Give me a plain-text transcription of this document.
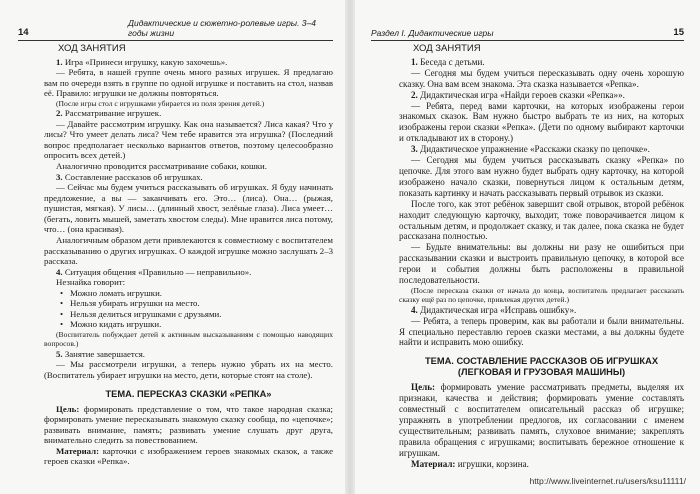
14
Дидактические и сюжетно-ролевые игры. 3–4 годы жизни

ХОД ЗАНЯТИЯ

1. Игра «Принеси игрушку, какую захочешь».

— Ребята, в нашей группе очень много разных игрушек. Я предлагаю вам по очереди взять в группе по одной игрушке и поставить на стол, назвав её. Правило: игрушки не должны повторяться.

(После игры стол с игрушками убирается из поля зрения детей.)

2. Рассматривание игрушек.

— Давайте рассмотрим игрушку. Как она называется? Лиса какая? Что у лисы? Что умеет делать лиса? Чем тебе нравится эта игрушка? (Последний вопрос предполагает несколько вариантов ответов, поэтому целесообразно опросить всех детей.)

Аналогично проводится рассматривание собаки, кошки.

3. Составление рассказов об игрушках.

— Сейчас мы будем учиться рассказывать об игрушках. Я буду начинать предложение, а вы — заканчивать его. Это… (лиса). Она… (рыжая, пушистая, мягкая). У лисы… (длинный хвост, зелёные глаза). Лиса умеет… (бегать, ловить мышей, заметать хвостом следы). Мне нравится лиса потому, что… (она красивая).

Аналогичным образом дети привлекаются к совместному с воспитателем рассказыванию о других игрушках. О каждой игрушке можно заслушать 2–3 рассказа.

4. Ситуация общения «Правильно — неправильно».

Незнайка говорит:

• Можно ломать игрушки.
• Нельзя убирать игрушки на место.
• Нельзя делиться игрушками с друзьями.
• Можно кидать игрушки.

(Воспитатель побуждает детей к активным высказываниям с помощью наводящих вопросов.)

5. Занятие завершается.

— Мы рассмотрели игрушки, а теперь нужно убрать их на место. (Воспитатель убирает игрушки на место, дети, которые стоят на столе).

ТЕМА. ПЕРЕСКАЗ СКАЗКИ «РЕПКА»

Цель: формировать представление о том, что такое народная сказка; формировать умение пересказывать знакомую сказку сообща, по «цепочке»; развивать внимание, память; развивать умение слушать друг друга, внимательно следить за повествованием.

Материал: карточки с изображением героев знакомых сказок, а также героев сказки «Репка».

Раздел I. Дидактические игры	15

ХОД ЗАНЯТИЯ

1. Беседа с детьми.

— Сегодня мы будем учиться пересказывать одну очень хорошую сказку. Она вам всем знакома. Эта сказка называется «Репка».

2. Дидактическая игра «Найди героев сказки «Репка»».

— Ребята, перед вами карточки, на которых изображены герои знакомых сказок. Вам нужно быстро выбрать те из них, на которых изображены герои сказки «Репка». (Дети по одному выбирают карточки и откладывают их в сторону.)

3. Дидактическое упражнение «Расскажи сказку по цепочке».

— Сегодня мы будем учиться рассказывать сказку «Репка» по цепочке. Для этого вам нужно будет выбрать одну карточку, на которой изображено начало сказки, повернуться лицом к остальным детям, показать картинку и начать рассказывать первый отрывок из сказки.

После того, как этот ребёнок завершит свой отрывок, второй ребёнок находит следующую карточку, выходит, тоже поворачивается лицом к остальным детям, и продолжает сказку, и так далее, пока сказка не будет рассказана полностью.

— Будьте внимательны: вы должны ни разу не ошибиться при рассказывании сказки и выстроить правильную цепочку, в которой все герои и события должны быть расположены в правильной последовательности.

(После пересказа сказки от начала до конца, воспитатель предлагает рассказать сказку ещё раз по цепочке, привлекая других детей.)

4. Дидактическая игра «Исправь ошибку».

— Ребята, а теперь проверим, как вы работали и были внимательны. Я специально переставлю героев сказки местами, а вы должны будете найти и исправить мою ошибку.

ТЕМА. СОСТАВЛЕНИЕ РАССКАЗОВ ОБ ИГРУШКАХ
(ЛЕГКОВАЯ И ГРУЗОВАЯ МАШИНЫ)

Цель: формировать умение рассматривать предметы, выделяя их признаки, качества и действия; формировать умение составлять совместный с воспитателем описательный рассказ об игрушке; упражнять в употреблении предлогов, их согласовании с именем существительным; развивать память, слуховое внимание; закреплять правила обращения с игрушками; воспитывать бережное отношение к игрушкам.

Материал: игрушки, корзина.

http://www.liveinternet.ru/users/ksu11111/
